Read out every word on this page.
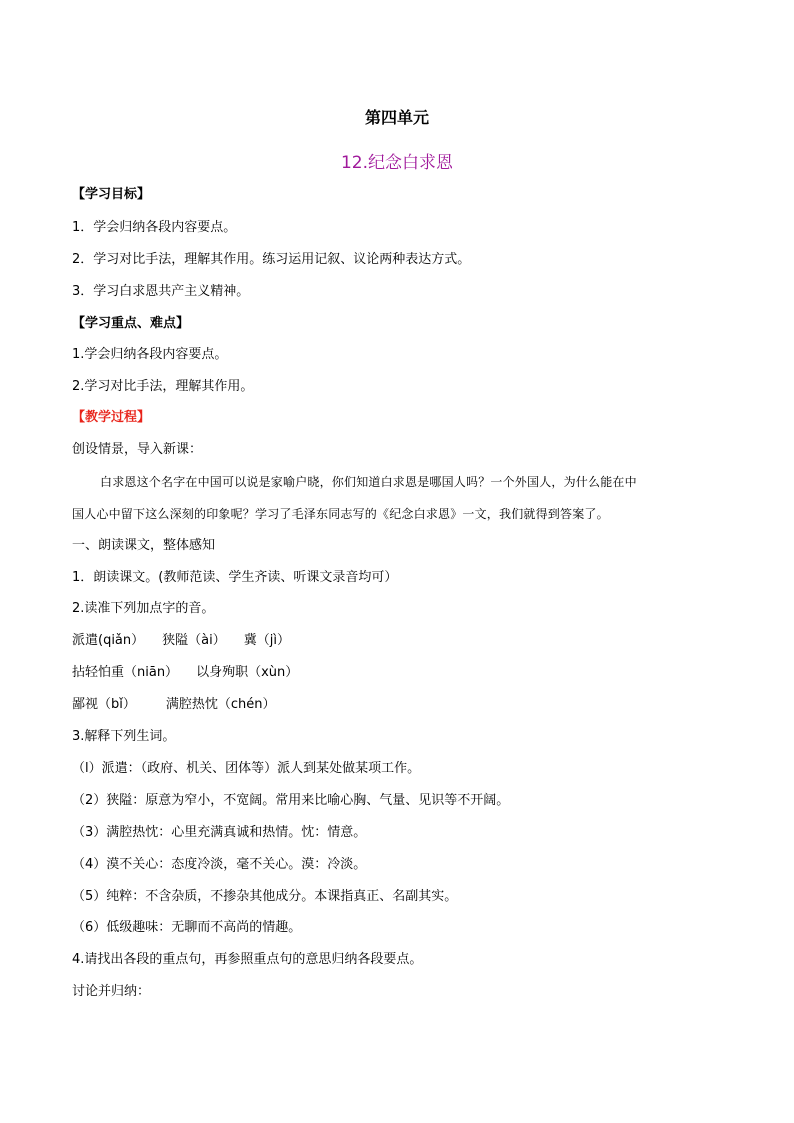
第四单元
12.纪念白求恩
【学习目标】
1．学会归纳各段内容要点。
2．学习对比手法，理解其作用。练习运用记叙、议论两种表达方式。
3．学习白求恩共产主义精神。
【学习重点、难点】
1.学会归纳各段内容要点。
2.学习对比手法，理解其作用。
【教学过程】
创设情景，导入新课：
白求恩这个名字在中国可以说是家喻户晓，你们知道白求恩是哪国人吗？一个外国人，为什么能在中
国人心中留下这么深刻的印象呢？学习了毛泽东同志写的《纪念白求恩》一文，我们就得到答案了。
一、朗读课文，整体感知
1．朗读课文。(教师范读、学生齐读、听课文录音均可）
2.读准下列加点字的音。
派遣(qiǎn） 狭隘（ài） 冀（jì）
拈轻怕重（niān） 以身殉职（xùn）
鄙视（bǐ） 满腔热忱（chén）
3.解释下列生词。
（l）派遣：（政府、机关、团体等）派人到某处做某项工作。
（2）狭隘：原意为窄小，不宽阔。常用来比喻心胸、气量、见识等不开阔。
（3）满腔热忱：心里充满真诚和热情。忱：情意。
（4）漠不关心：态度冷淡，毫不关心。漠：冷淡。
（5）纯粹：不含杂质，不掺杂其他成分。本课指真正、名副其实。
（6）低级趣味：无聊而不高尚的情趣。
4.请找出各段的重点句，再参照重点句的意思归纳各段要点。
讨论并归纳：
